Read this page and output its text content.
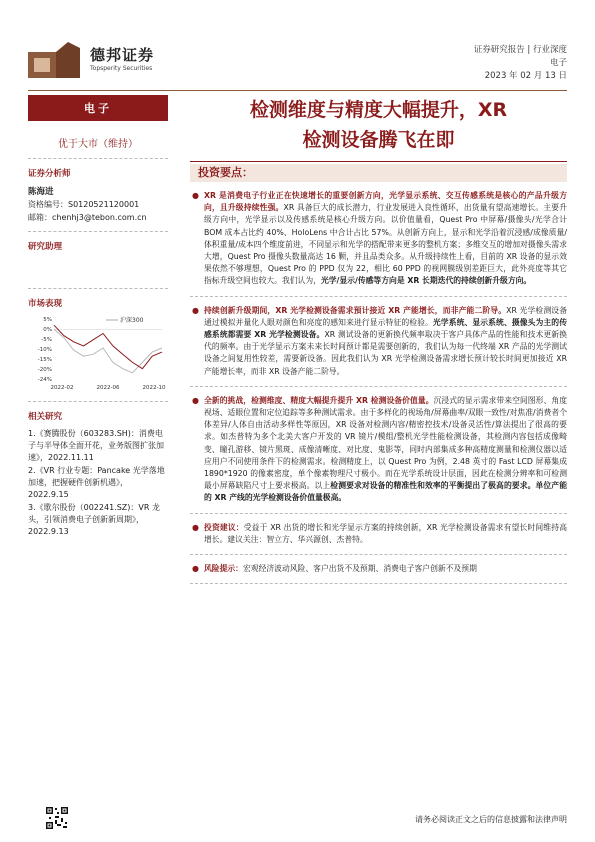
德邦证券
Topsperity Securities
证券研究报告 | 行业深度
电子
2023 年 02 月 13 日
电子
优于大市（维持）
证券分析师
陈海进
资格编号：S0120521120001
邮箱：chenhj3@tebon.com.cn
研究助理
市场表现
5%
0%
-5%
-10%
-15%
-20%
-24%
2022-02	2022-06	2022-10
沪深300
相关研究
1.《赛腾股份（603283.SH)：消费电子与半导体全面开花，业务版图扩张加速》，2022.11.11
2.《VR 行业专题：Pancake 光学落地加速，把握硬件创新机遇》，2022.9.15
3.《歌尔股份（002241.SZ)：VR 龙头，引领消费电子创新新周期》，2022.9.13
检测维度与精度大幅提升，XR
检测设备腾飞在即
投资要点：
● XR 是消费电子行业正在快速增长的重要创新方向，光学显示系统、交互传感系统是核心的产品升级方向，且升级持续性强。XR 具备巨大的成长潜力，行业发展进入良性循环，出货量有望高速增长。主要升级方向中，光学显示以及传感系统是核心升级方向。以价值量看，Quest Pro 中屏幕/摄像头/光学合计 BOM 成本占比约 40%、HoloLens 中合计占比 57%。从创新方向上，显示和光学沿着沉浸感/成像质量/体积重量/成本四个维度前进，不同显示和光学的搭配带来更多的整机方案；多维交互的增加对摄像头需求大增，Quest Pro 摄像头数量高达 16 颗，并且品类众多。从升级持续性上看，目前的 XR 设备的显示效果依然不够理想，Quest Pro 的 PPD 仅为 22，相比 60 PPD 的视网膜级别差距巨大，此外亮度等其它指标升级空间也较大。我们认为，光学/显示/传感等方向是 XR 长期迭代的持续创新升级方向。
● 持续创新升级期间，XR 光学检测设备需求預计接近 XR 产能增长，而非产能二阶导。XR 光学检测设备通过模拟并量化人眼对颜色和亮度的感知来进行显示特征的检验。光学系统、显示系统、摄像头为主的传感系统都需要 XR 光学检测设备。XR 测试设备的更新换代频率取决于客户具体产品的性能和技术更新换代的频率。由于光学显示方案未来长时间预计都是需要创新的，我们认为每一代终端 XR 产品的光学测试设备之间复用性较差，需要新设备。因此我们认为 XR 光学检测设备需求增长预计较长时间更加接近 XR 产能增长率，而非 XR 设备产能二阶导。
● 全新的挑战，检测维度、精度大幅提升提升 XR 检测设备价值量。沉浸式的显示需求带来空间图形、角度视场、适眼位置和定位追踪等多种测试需求。由于多样化的视场角/屏幕曲率/双眼一致性/对焦准/消费者个体差异/人体自由活动多样性等原因，XR 设备对检测内容/精密控技术/设备灵活性/算法提出了很高的要求。如杰普特为多个北美大客户开发的 VR 镜片/模组/整机光学性能检测设备，其检测内容包括成像畸变、瞳孔游移、镜片黑斑、成像清晰度、对比度、鬼影等，同时内部集成多种高精度测量和检测仪器以适应用户不同使用条件下的检测需求。检测精度上，以 Quest Pro 为例，2.48 英寸的 Fast LCD 屏幕集成 1890*1920 的像素密度，单个像素物理尺寸极小。而在光学系统设计层面，因此在检测分辨率和可检测最小屏幕缺陷尺寸上要求极高。以上检测要求对设备的精准性和效率的平衡提出了极高的要求。单位产能的 XR 产线的光学检测设备价值量极高。
● 投资建议：受益于 XR 出货的增长和光学显示方案的持续创新，XR 光学检测设备需求有望长时间维持高增长。建议关注：智立方、华兴源创、杰普特。
● 风险提示：宏观经济波动风险、客户出货不及预期、消费电子客户创新不及预期
请务必阅读正文之后的信息披露和法律声明
